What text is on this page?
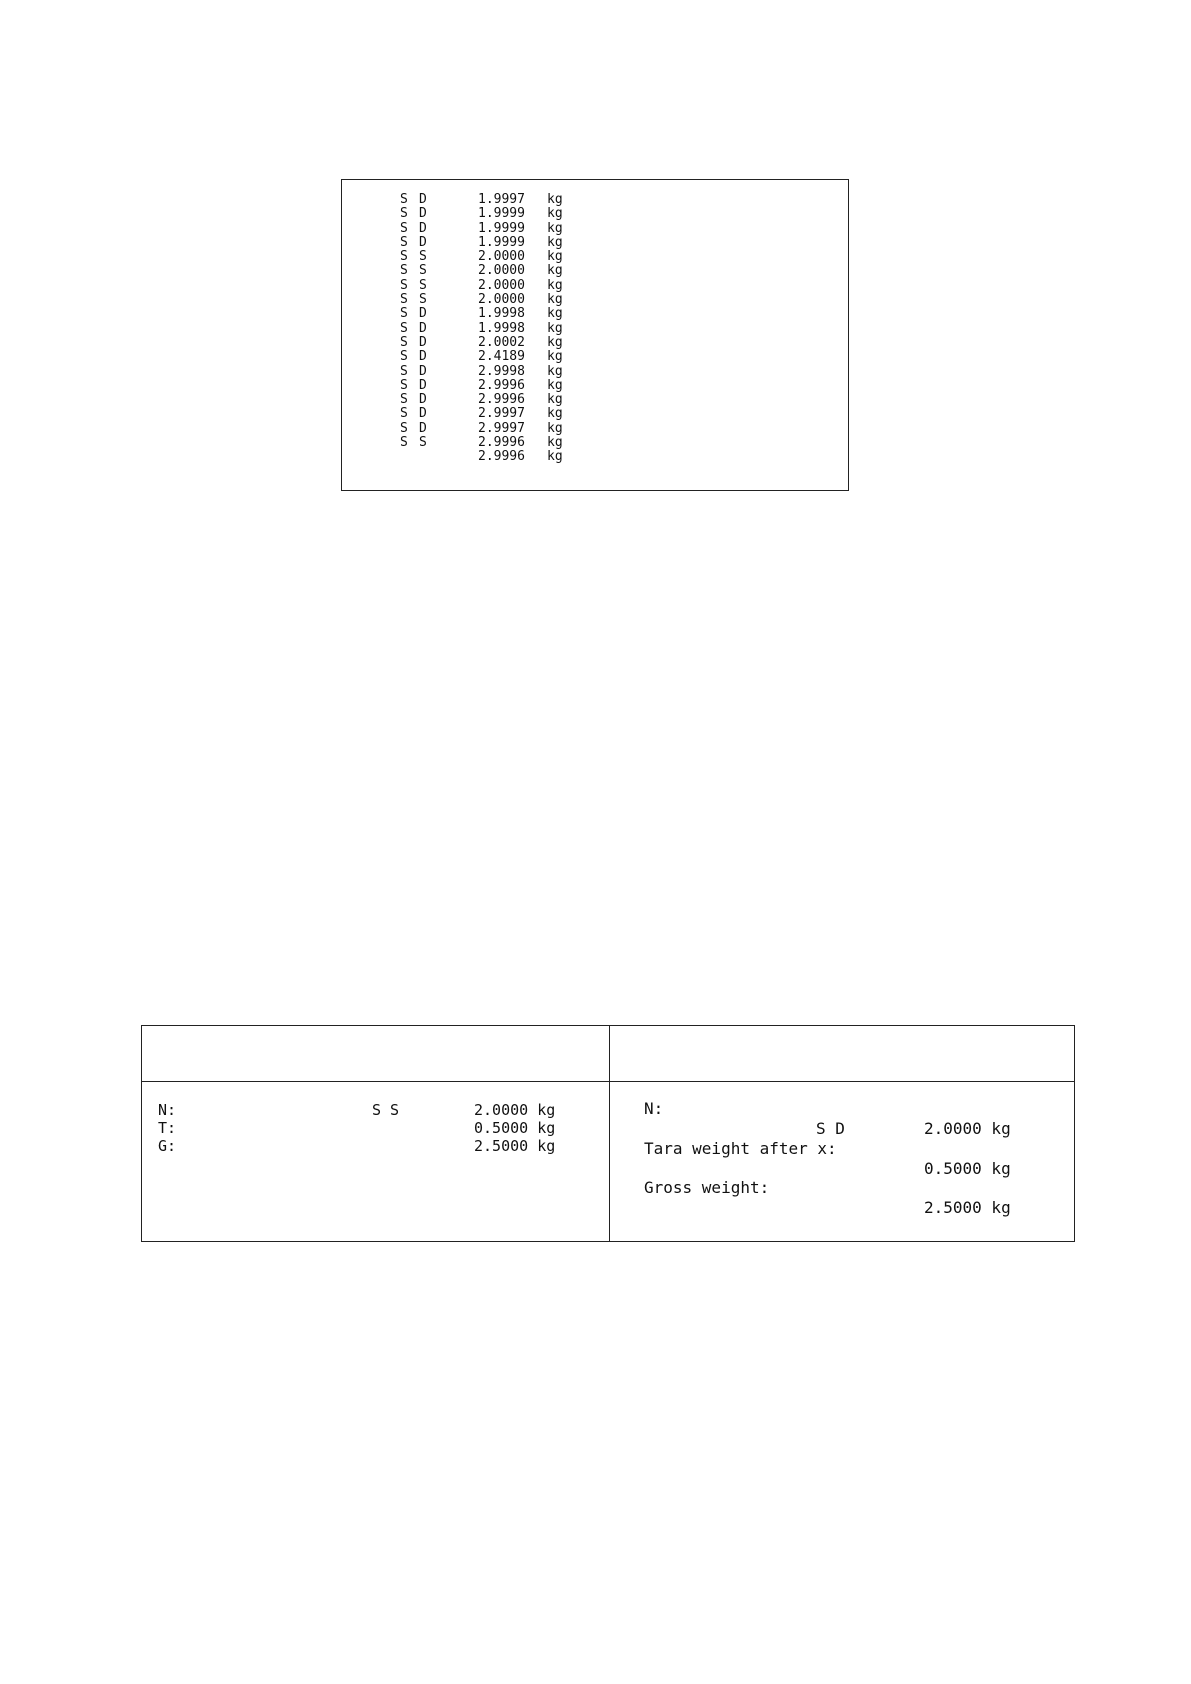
S D	1.9997 kg
S D	1.9999 kg
S D	1.9999 kg
S D	1.9999 kg
S S	2.0000 kg
S S	2.0000 kg
S S	2.0000 kg
S S	2.0000 kg
S D	1.9998 kg
S D	1.9998 kg
S D	2.0002 kg
S D	2.4189 kg
S D	2.9998 kg
S D	2.9996 kg
S D	2.9996 kg
S D	2.9997 kg
S D	2.9997 kg
S S	2.9996 kg
2.9996 kg
N:	S S	2.0000 kg
T:	0.5000 kg
G:	2.5000 kg
N:
S D	2.0000 kg
Tara weight after x:
0.5000 kg
Gross weight:
2.5000 kg
